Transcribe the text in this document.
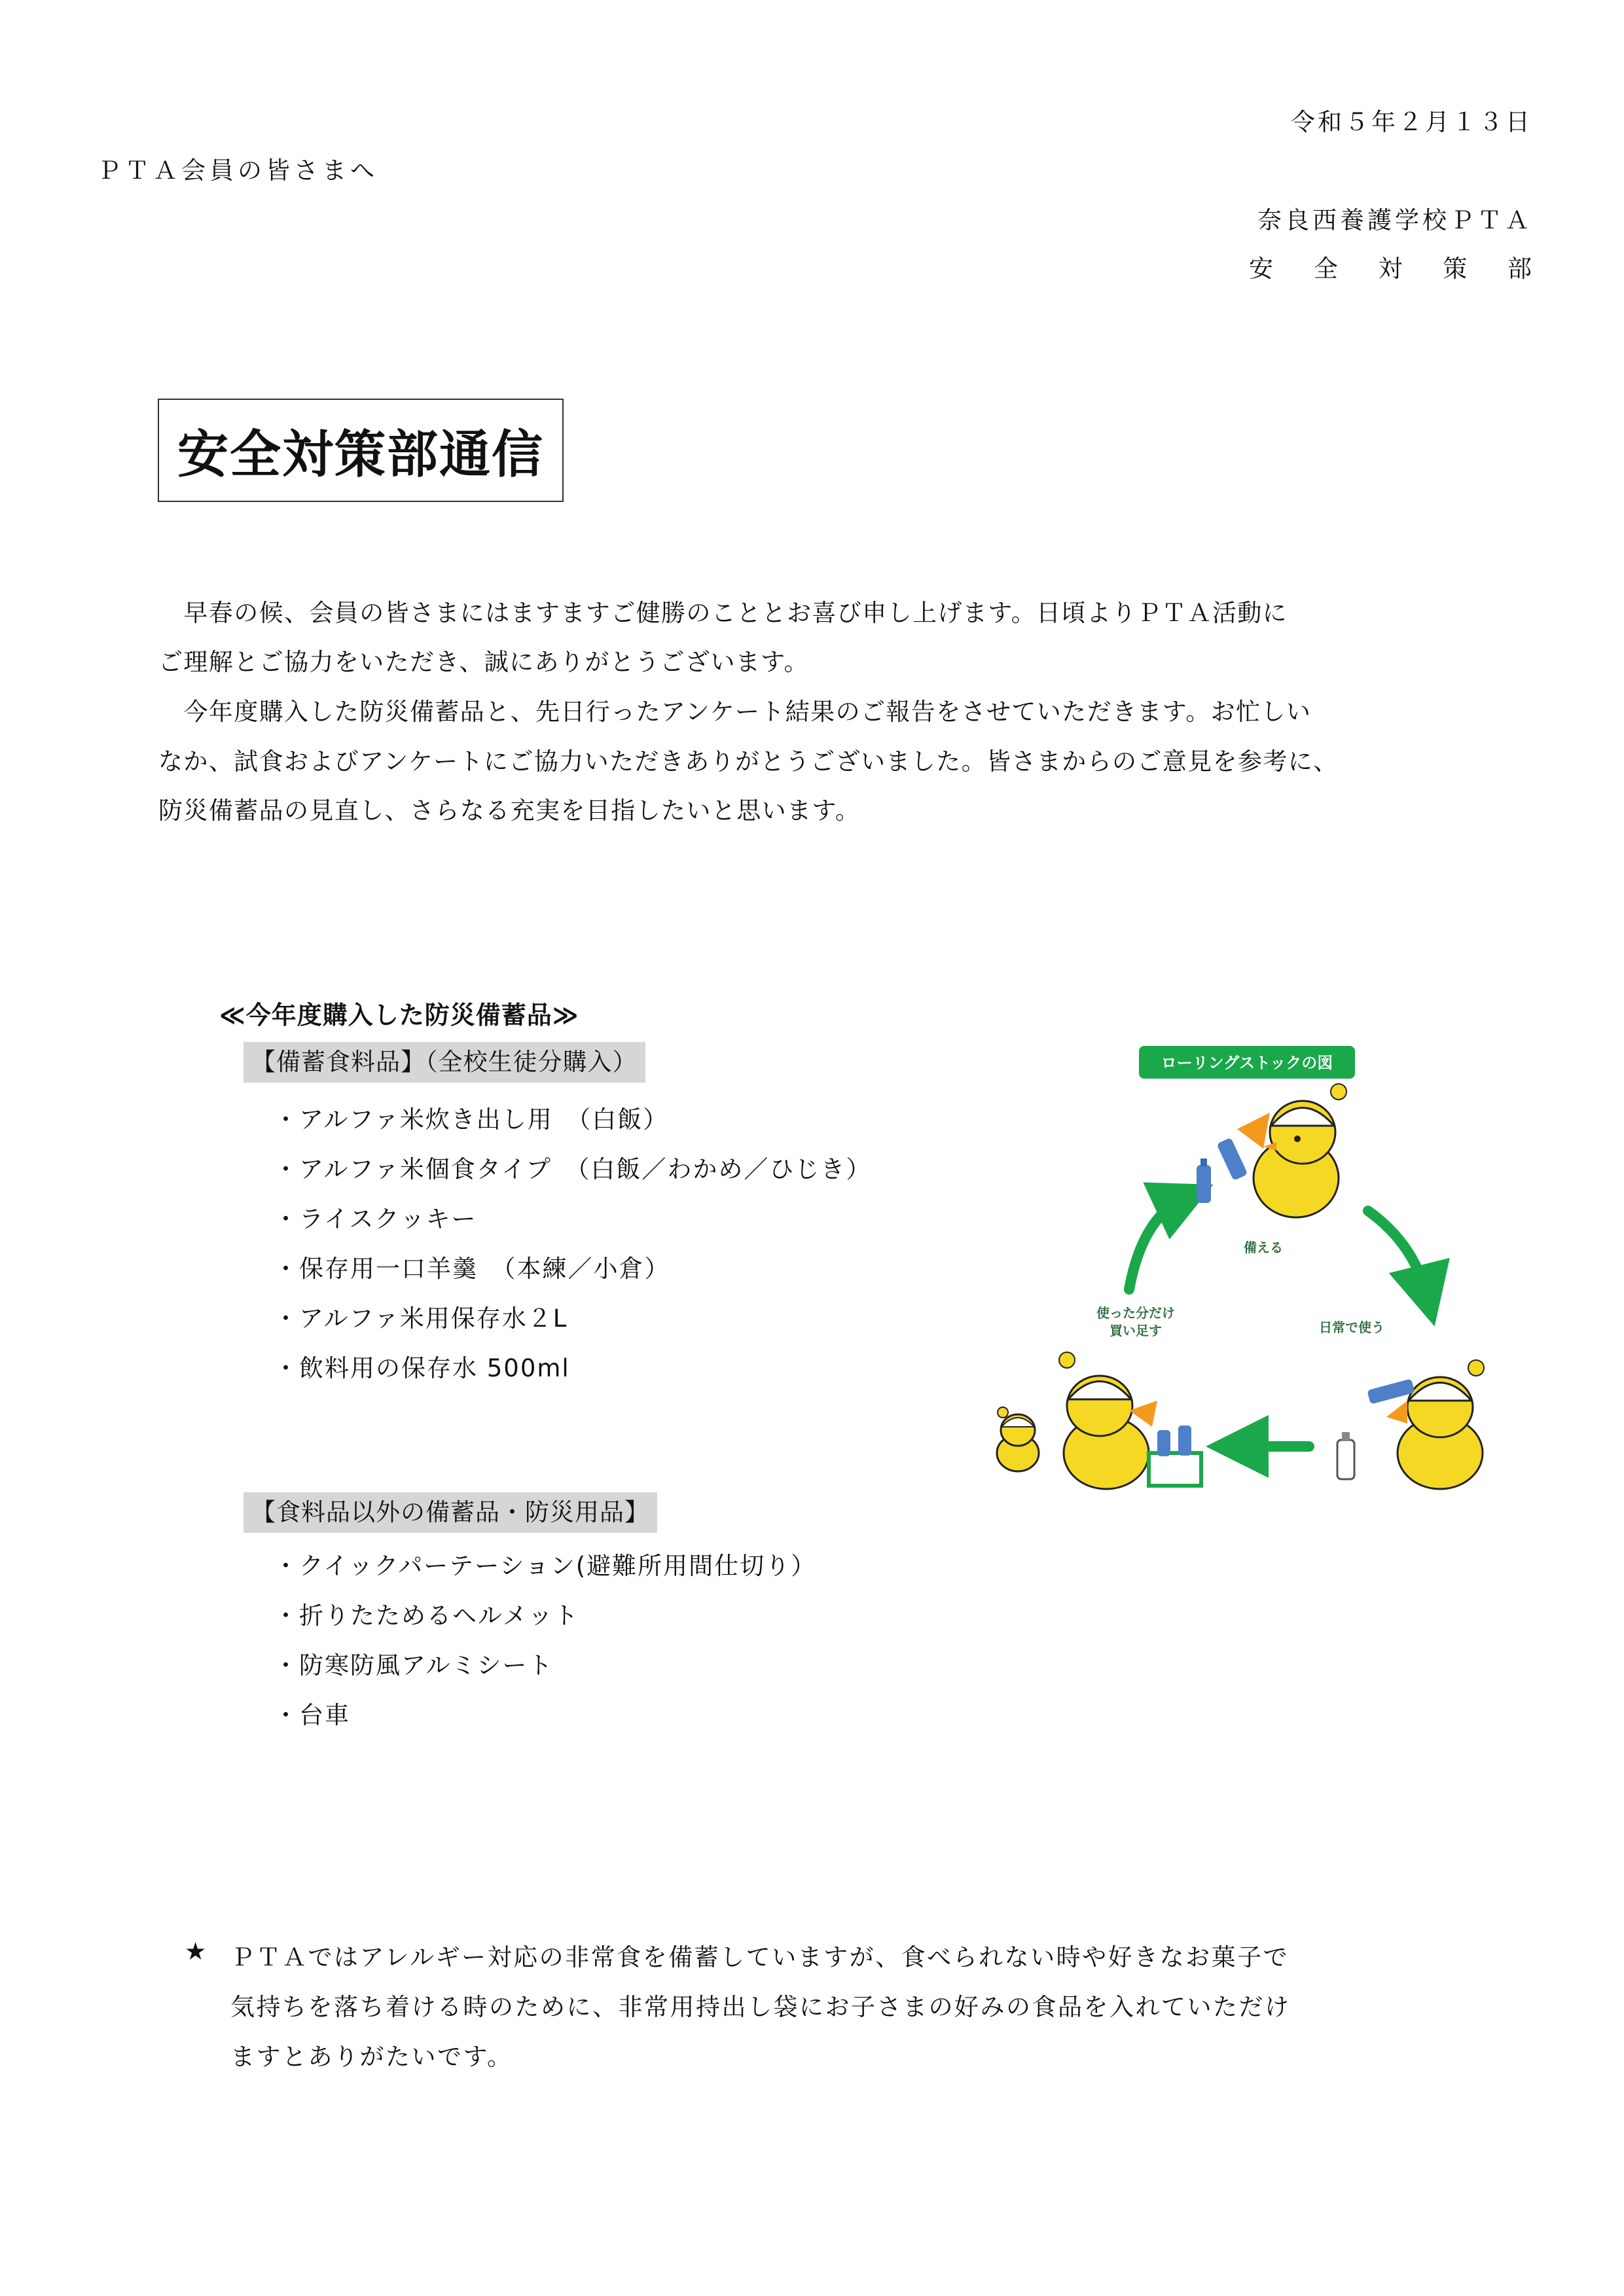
令和５年２月１３日
ＰＴＡ会員の皆さまへ
奈良西養護学校ＰＴＡ
安 全 対 策 部
安全対策部通信
　早春の候、会員の皆さまにはますますご健勝のこととお喜び申し上げます。日頃よりＰＴＡ活動に
ご理解とご協力をいただき、誠にありがとうございます。
　今年度購入した防災備蓄品と、先日行ったアンケート結果のご報告をさせていただきます。お忙しい
なか、試食およびアンケートにご協力いただきありがとうございました。皆さまからのご意見を参考に、
防災備蓄品の見直し、さらなる充実を目指したいと思います。
≪今年度購入した防災備蓄品≫
【備蓄食料品】（全校生徒分購入）
・アルファ米炊き出し用　（白飯）
・アルファ米個食タイプ　（白飯／わかめ／ひじき）
・ライスクッキー
・保存用一口羊羹　（本練／小倉）
・アルファ米用保存水２L
・飲料用の保存水 500ml
【食料品以外の備蓄品・防災用品】
・クイックパーテーション(避難所用間仕切り）
・折りたためるヘルメット
・防寒防風アルミシート
・台車
ローリングストックの図
備える
日常で使う
使った分だけ
買い足す
★ ＰＴＡではアレルギー対応の非常食を備蓄していますが、食べられない時や好きなお菓子で
気持ちを落ち着ける時のために、非常用持出し袋にお子さまの好みの食品を入れていただけ
ますとありがたいです。
